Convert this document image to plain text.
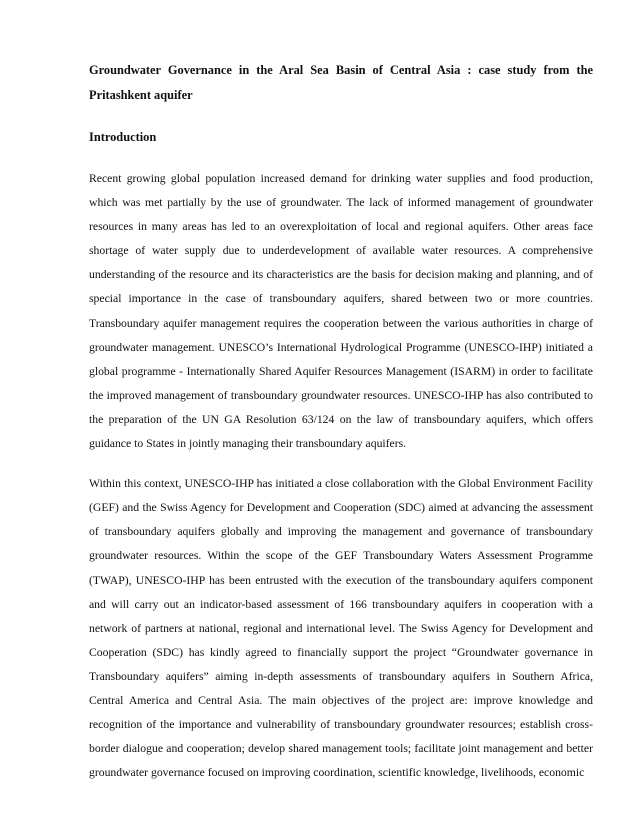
Groundwater Governance in the Aral Sea Basin of Central Asia : case study from the Pritashkent aquifer
Introduction

Recent growing global population increased demand for drinking water supplies and food production, which was met partially by the use of groundwater. The lack of informed management of groundwater resources in many areas has led to an overexploitation of local and regional aquifers. Other areas face shortage of water supply due to underdevelopment of available water resources. A comprehensive understanding of the resource and its characteristics are the basis for decision making and planning, and of special importance in the case of transboundary aquifers, shared between two or more countries. Transboundary aquifer management requires the cooperation between the various authorities in charge of groundwater management. UNESCO’s International Hydrological Programme (UNESCO-IHP) initiated a global programme - Internationally Shared Aquifer Resources Management (ISARM) in order to facilitate the improved management of transboundary groundwater resources. UNESCO-IHP has also contributed to the preparation of the UN GA Resolution 63/124 on the law of transboundary aquifers, which offers guidance to States in jointly managing their transboundary aquifers.

Within this context, UNESCO-IHP has initiated a close collaboration with the Global Environment Facility (GEF) and the Swiss Agency for Development and Cooperation (SDC) aimed at advancing the assessment of transboundary aquifers globally and improving the management and governance of transboundary groundwater resources. Within the scope of the GEF Transboundary Waters Assessment Programme (TWAP), UNESCO-IHP has been entrusted with the execution of the transboundary aquifers component and will carry out an indicator-based assessment of 166 transboundary aquifers in cooperation with a network of partners at national, regional and international level. The Swiss Agency for Development and Cooperation (SDC) has kindly agreed to financially support the project “Groundwater governance in Transboundary aquifers” aiming in-depth assessments of transboundary aquifers in Southern Africa, Central America and Central Asia. The main objectives of the project are: improve knowledge and recognition of the importance and vulnerability of transboundary groundwater resources; establish cross-border dialogue and cooperation; develop shared management tools; facilitate joint management and better groundwater governance focused on improving coordination, scientific knowledge, livelihoods, economic
